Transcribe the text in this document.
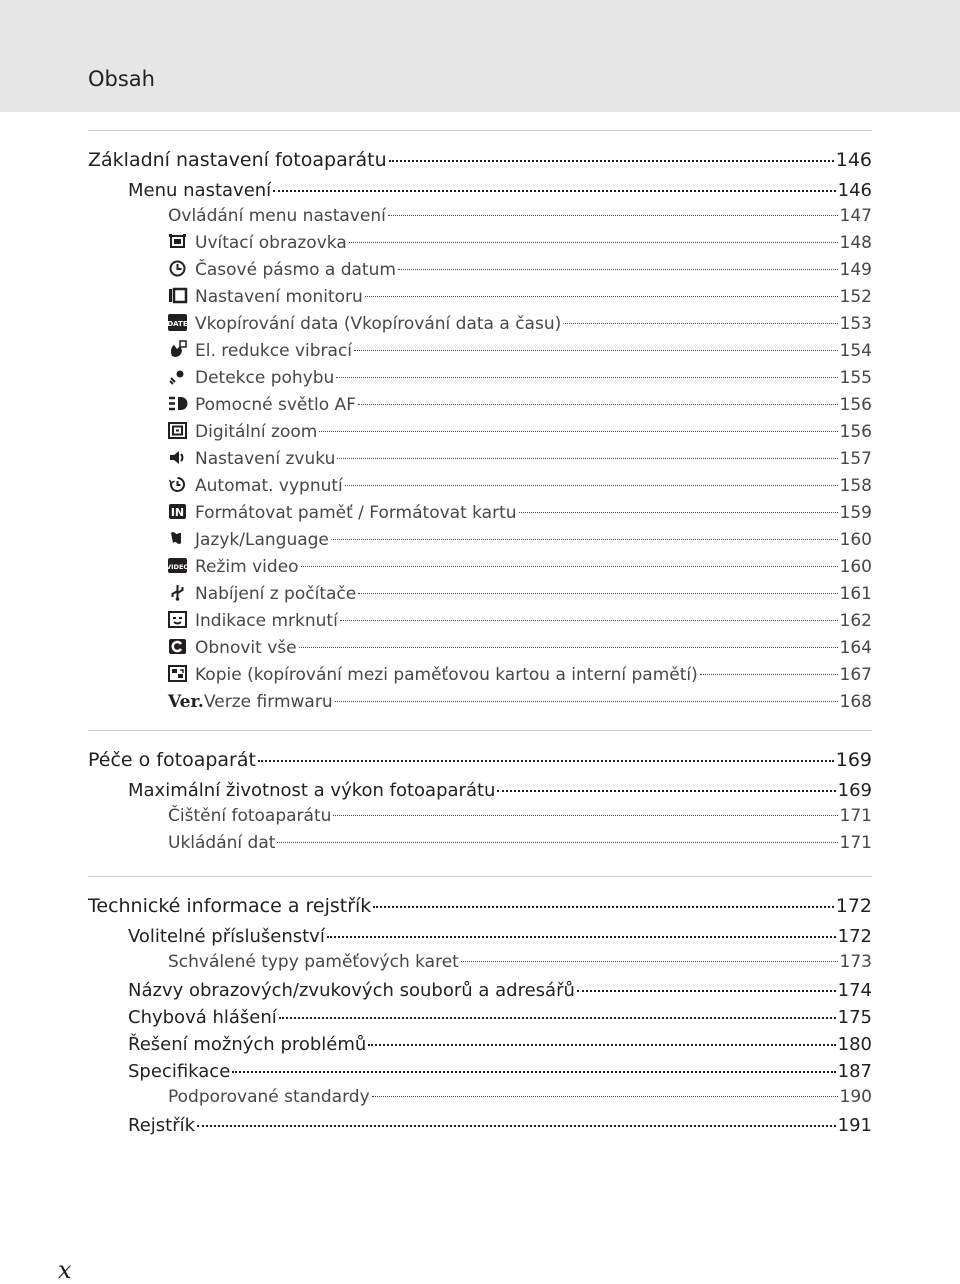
Obsah
Základní nastavení fotoaparátu	146
Menu nastavení	146
Ovládání menu nastavení	147
Uvítací obrazovka	148
Časové pásmo a datum	149
Nastavení monitoru	152
DATE Vkopírování data (Vkopírování data a času)	153
El. redukce vibrací	154
Detekce pohybu	155
Pomocné světlo AF	156
Digitální zoom	156
Nastavení zvuku	157
Automat. vypnutí	158
IN Formátovat paměť / Formátovat kartu	159
Jazyk/Language	160
VIDEO Režim video	160
Nabíjení z počítače	161
Indikace mrknutí	162
Obnovit vše	164
Kopie (kopírování mezi paměťovou kartou a interní pamětí)	167
Ver. Verze firmwaru	168
Péče o fotoaparát	169
Maximální životnost a výkon fotoaparátu	169
Čištění fotoaparátu	171
Ukládání dat	171
Technické informace a rejstřík	172
Volitelné příslušenství	172
Schválené typy paměťových karet	173
Názvy obrazových/zvukových souborů a adresářů	174
Chybová hlášení	175
Řešení možných problémů	180
Specifikace	187
Podporované standardy	190
Rejstřík	191
x
